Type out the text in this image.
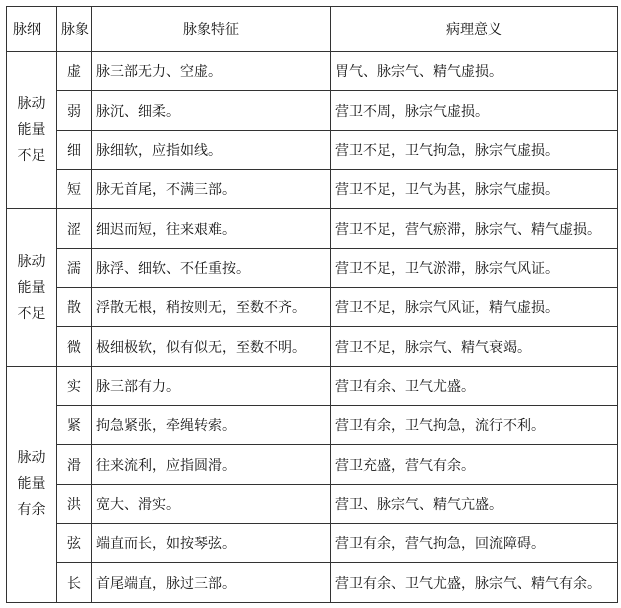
脉纲	脉象	脉象特征	病理意义

脉动
能量
不足	虚	脉三部无力、空虚。	胃气、脉宗气、精气虚损。
	弱	脉沉、细柔。	营卫不周，脉宗气虚损。
	细	脉细软，应指如线。	营卫不足，卫气拘急，脉宗气虚损。
	短	脉无首尾，不满三部。	营卫不足，卫气为甚，脉宗气虚损。

脉动
能量
不足	涩	细迟而短，往来艰难。	营卫不足，营气瘀滞，脉宗气、精气虚损。
	濡	脉浮、细软、不任重按。	营卫不足，卫气淤滞，脉宗气风证。
	散	浮散无根，稍按则无，至数不齐。	营卫不足，脉宗气风证，精气虚损。
	微	极细极软，似有似无，至数不明。	营卫不足，脉宗气、精气衰竭。

脉动
能量
有余	实	脉三部有力。	营卫有余、卫气尤盛。
	紧	拘急紧张，牵绳转索。	营卫有余，卫气拘急，流行不利。
	滑	往来流利，应指圆滑。	营卫充盛，营气有余。
	洪	宽大、滑实。	营卫、脉宗气、精气亢盛。
	弦	端直而长，如按琴弦。	营卫有余，营气拘急，回流障碍。
	长	首尾端直，脉过三部。	营卫有余、卫气尤盛，脉宗气、精气有余。
